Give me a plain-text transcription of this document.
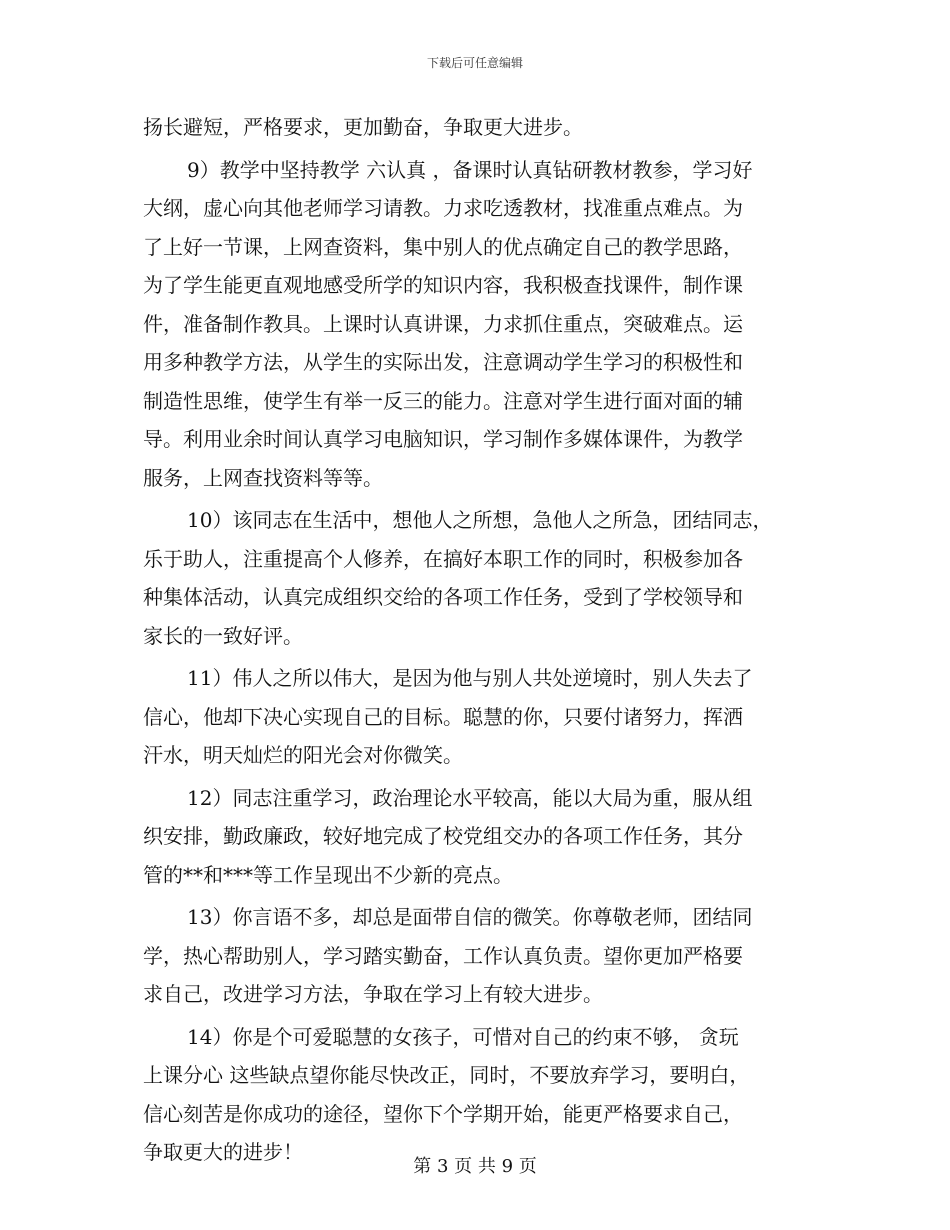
下载后可任意编辑
扬长避短，严格要求，更加勤奋，争取更大进步。
9）教学中坚持教学 六认真 ，备课时认真钻研教材教参，学习好
大纲，虚心向其他老师学习请教。力求吃透教材，找准重点难点。为
了上好一节课，上网查资料，集中别人的优点确定自己的教学思路，
为了学生能更直观地感受所学的知识内容，我积极查找课件，制作课
件，准备制作教具。上课时认真讲课，力求抓住重点，突破难点。运
用多种教学方法，从学生的实际出发，注意调动学生学习的积极性和
制造性思维，使学生有举一反三的能力。注意对学生进行面对面的辅
导。利用业余时间认真学习电脑知识，学习制作多媒体课件，为教学
服务，上网查找资料等等。
10）该同志在生活中，想他人之所想，急他人之所急，团结同志，
乐于助人，注重提高个人修养，在搞好本职工作的同时，积极参加各
种集体活动，认真完成组织交给的各项工作任务，受到了学校领导和
家长的一致好评。
11）伟人之所以伟大，是因为他与别人共处逆境时，别人失去了
信心，他却下决心实现自己的目标。聪慧的你，只要付诸努力，挥洒
汗水，明天灿烂的阳光会对你微笑。
12）同志注重学习，政治理论水平较高，能以大局为重，服从组
织安排，勤政廉政，较好地完成了校党组交办的各项工作任务，其分
管的**和***等工作呈现出不少新的亮点。
13）你言语不多，却总是面带自信的微笑。你尊敬老师，团结同
学，热心帮助别人，学习踏实勤奋，工作认真负责。望你更加严格要
求自己，改进学习方法，争取在学习上有较大进步。
14）你是个可爱聪慧的女孩子，可惜对自己的约束不够， 贪玩
上课分心 这些缺点望你能尽快改正，同时，不要放弃学习，要明白，
信心刻苦是你成功的途径，望你下个学期开始，能更严格要求自己，
争取更大的进步！
第 3 页 共 9 页
